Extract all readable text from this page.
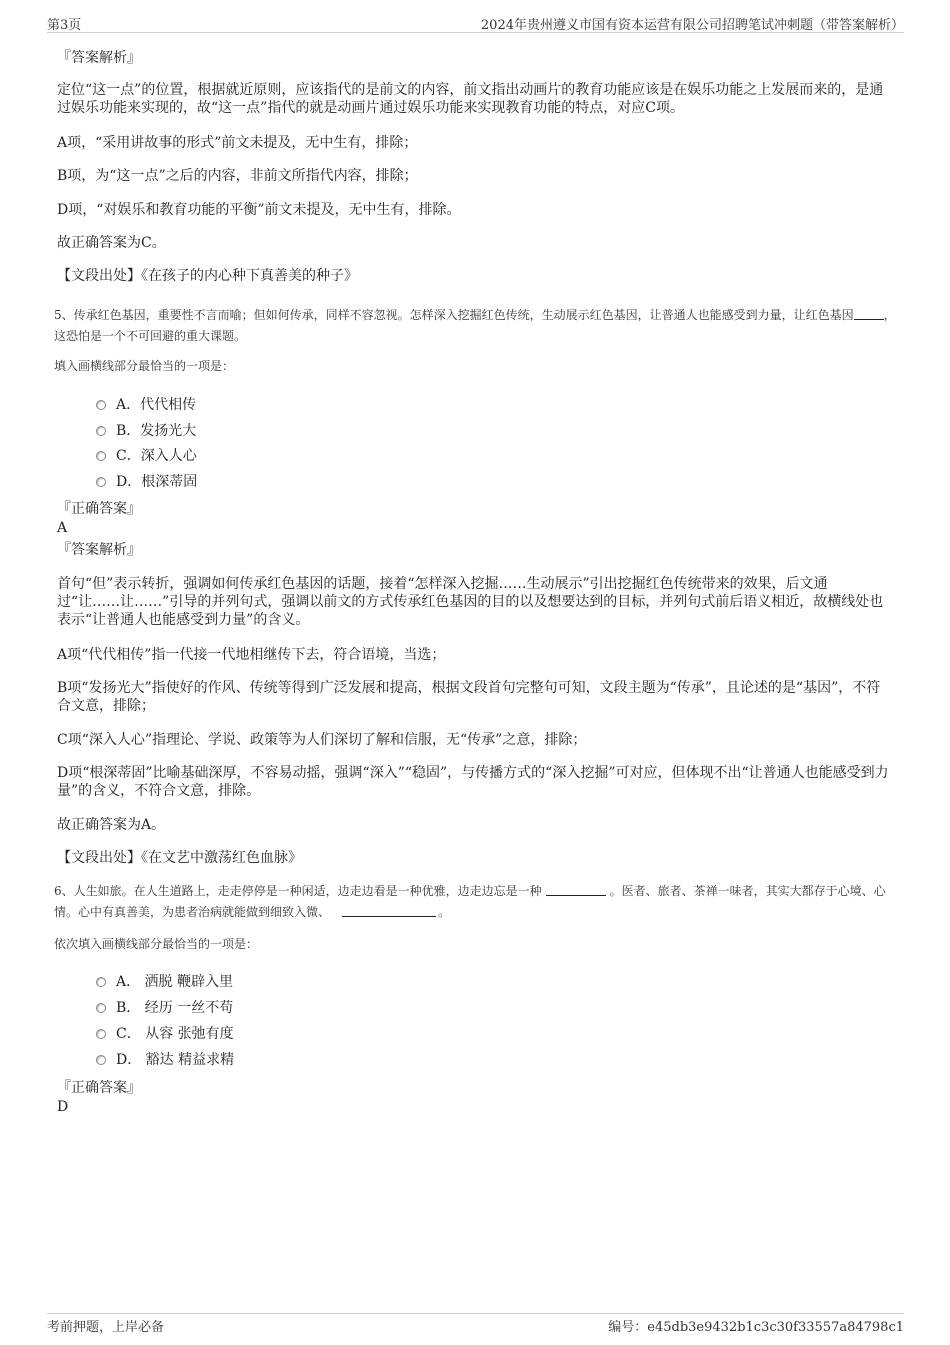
第3页	2024年贵州遵义市国有资本运营有限公司招聘笔试冲刺题（带答案解析）

『答案解析』

定位“这一点”的位置，根据就近原则，应该指代的是前文的内容，前文指出动画片的教育功能应该是在娱乐功能之上发展而来的，是通过娱乐功能来实现的，故“这一点”指代的就是动画片通过娱乐功能来实现教育功能的特点，对应C项。

A项，“采用讲故事的形式”前文未提及，无中生有，排除；

B项，为“这一点”之后的内容，非前文所指代内容，排除；

D项，“对娱乐和教育功能的平衡”前文未提及，无中生有，排除。

故正确答案为C。

【文段出处】《在孩子的内心种下真善美的种子》

5、传承红色基因，重要性不言而喻；但如何传承，同样不容忽视。怎样深入挖掘红色传统，生动展示红色基因，让普通人也能感受到力量，让红色基因	，这恐怕是一个不可回避的重大课题。

填入画横线部分最恰当的一项是：

A．代代相传
B．发扬光大
C．深入人心
D．根深蒂固

『正确答案』

A

『答案解析』

首句“但”表示转折，强调如何传承红色基因的话题，接着“怎样深入挖掘……生动展示”引出挖掘红色传统带来的效果，后文通过“让……让……”引导的并列句式，强调以前文的方式传承红色基因的目的以及想要达到的目标，并列句式前后语义相近，故横线处也表示“让普通人也能感受到力量”的含义。

A项“代代相传”指一代接一代地相继传下去，符合语境，当选；

B项“发扬光大”指使好的作风、传统等得到广泛发展和提高，根据文段首句完整句可知，文段主题为“传承”，且论述的是“基因”，不符合文意，排除；

C项“深入人心”指理论、学说、政策等为人们深切了解和信服，无“传承”之意，排除；

D项“根深蒂固”比喻基础深厚，不容易动摇，强调“深入”“稳固”，与传播方式的“深入挖掘”可对应，但体现不出“让普通人也能感受到力量”的含义，不符合文意，排除。

故正确答案为A。

【文段出处】《在文艺中激荡红色血脉》

6、人生如旅。在人生道路上，走走停停是一种闲适，边走边看是一种优雅，边走边忘是一种	。医者、旅者、茶禅一味者，其实大都存于心境、心情。心中有真善美，为患者治病就能做到细致入微、	。

依次填入画横线部分最恰当的一项是：

A． 洒脱 鞭辟入里
B． 经历 一丝不苟
C． 从容 张弛有度
D． 豁达 精益求精

『正确答案』

D

考前押题，上岸必备	编号：e45db3e9432b1c3c30f33557a84798c1
